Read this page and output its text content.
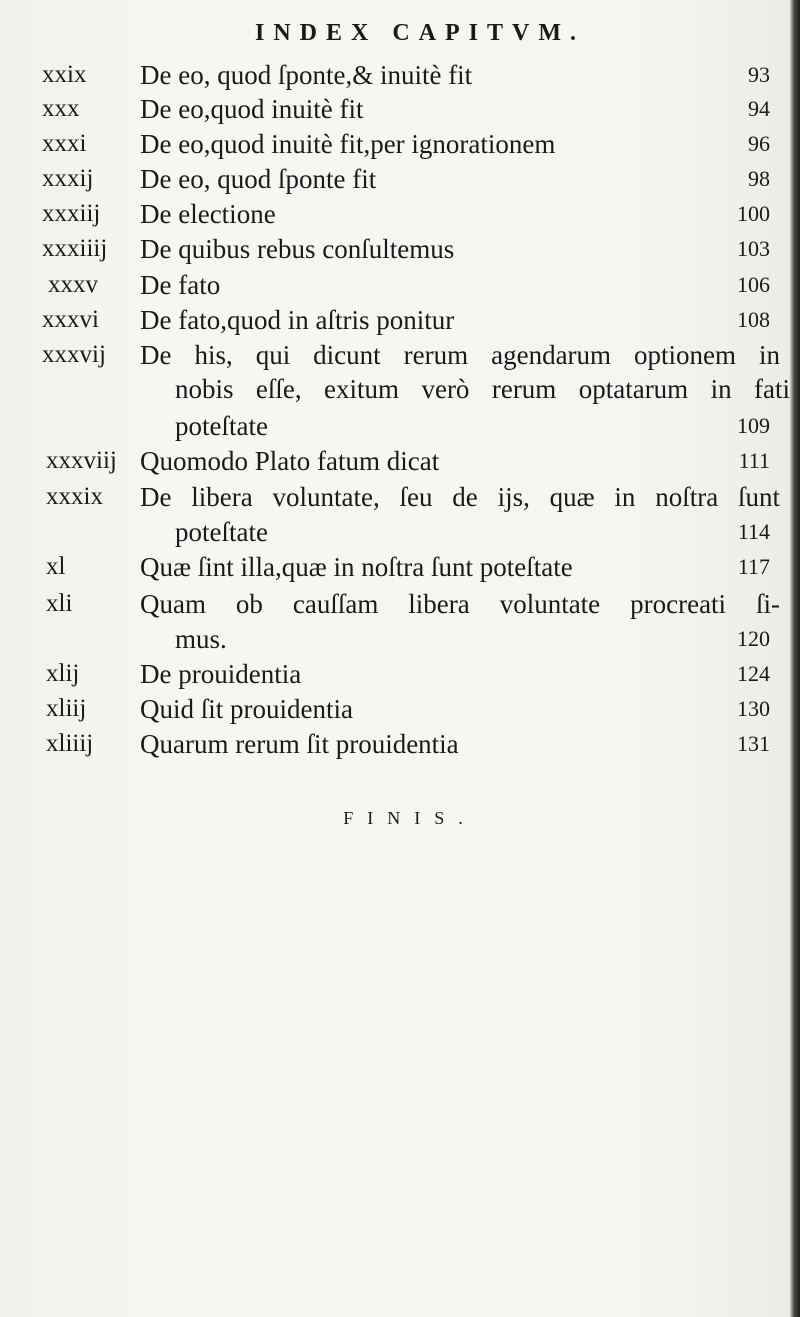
INDEX CAPITVM.
xxix De eo, quod ſponte,& inuitè fit	93
xxx De eo,quod inuitè fit	94
xxxi De eo,quod inuitè fit,per ignorationem	96
xxxij De eo, quod ſponte fit	98
xxxiij De electione	100
xxxiiij De quibus rebus conſultemus	103
xxxv De fato	106
xxxvi De fato,quod in aſtris ponitur	108
xxxvij De his, qui dicunt rerum agendarum optionem in
nobis eſſe, exitum verò rerum optatarum in fati
poteſtate	109
xxxviij Quomodo Plato fatum dicat	111
xxxix De libera voluntate, ſeu de ijs, quæ in noſtra ſunt
poteſtate	114
xl	Quæ ſint illa,quæ in noſtra ſunt poteſtate	117
xli	Quam ob cauſſam libera voluntate procreati ſi-
mus.	120
xlij De prouidentia	124
xliij Quid ſit prouidentia	130
xliiij Quarum rerum ſit prouidentia	131
FINIS.
